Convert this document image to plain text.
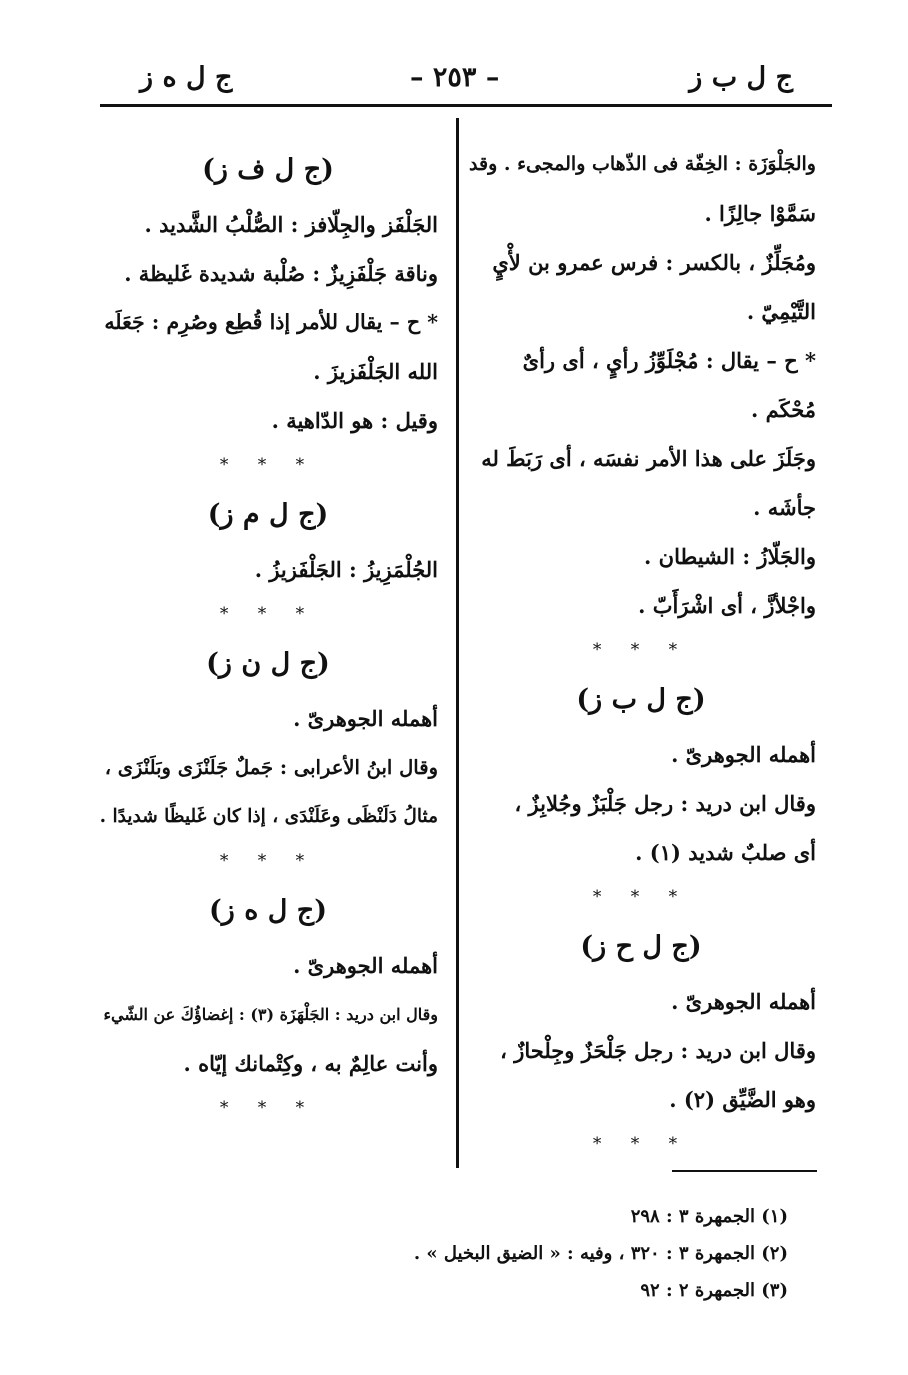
ج ل ب ز
– ٢٥٣ –
ج ل ه ز
والجَلْوَزَة : الخِفّة فى الذّهاب والمجىء . وقد
سَمَّوْا جالِزًا .
ومُجَلِّزٌ ، بالكسر : فرس عمرو بن لأْيٍ
التَّيْمِيّ .
* ح – يقال : مُجْلَوِّزُ رأيٍ ، أى رأىٌ
مُحْكَم .
وجَلَزَ على هذا الأمر نفسَه ، أى رَبَطَ له
جأشَه .
والجَلّازُ : الشيطان .
واجْلأزَّ ، أى اشْرَأَبّ .
* * *
(ج ل ب ز)
أهمله الجوهرىّ .
وقال ابن دريد : رجل جَلْبَزٌ وجُلابِزٌ ،
أى صلبٌ شديد (١) .
* * *
(ج ل ح ز)
أهمله الجوهرىّ .
وقال ابن دريد : رجل جَلْحَزٌ وجِلْحازٌ ،
وهو الضَّيِّق (٢) .
* * *
(ج ل ف ز)
الجَلْفَز والجِلّافز : الصُّلْبُ الشَّديد .
وناقة جَلْفَزِيزٌ : صُلْبة شديدة غَليظة .
* ح – يقال للأمر إذا قُطِع وصُرِم : جَعَلَه
الله الجَلْفَزيزَ .
وقيل : هو الدّاهية .
* * *
(ج ل م ز)
الجُلْمَزِيزُ : الجَلْفَزيزُ .
* * *
(ج ل ن ز)
أهمله الجوهرىّ .
وقال ابنُ الأعرابى : جَملٌ جَلَنْزَى وبَلَنْزَى ،
مثالُ دَلَنْظَى وعَلَنْدَى ، إذا كان غَليظًا شديدًا .
* * *
(ج ل ه ز)
أهمله الجوهرىّ .
وقال ابن دريد : الجَلْهَزَة (٣) : إغضاؤُكَ عن الشّيء
وأنت عالِمٌ به ، وكِتْمانك إيّاه .
* * *
(١) الجمهرة ٣ : ٢٩٨
(٢) الجمهرة ٣ : ٣٢٠ ، وفيه : « الضيق البخيل » .
(٣) الجمهرة ٢ : ٩٢
